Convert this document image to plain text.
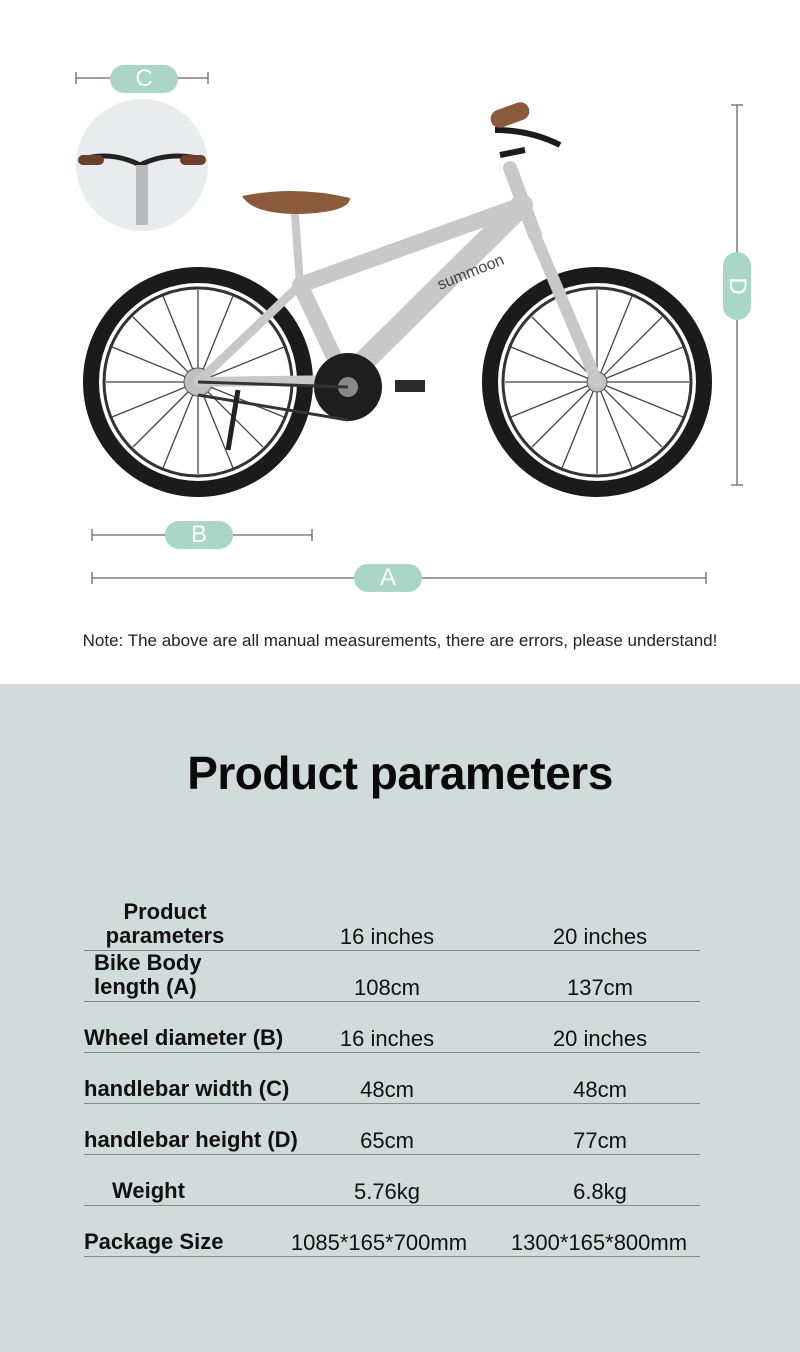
summoon
C
B
A
D
Note: The above are all manual measurements, there are errors, please understand!
Product parameters
Product parameters	16 inches	20 inches
Bike Body length (A)	108cm	137cm
Wheel diameter (B)	16 inches	20 inches
handlebar width (C)	48cm	48cm
handlebar height (D)	65cm	77cm
Weight	5.76kg	6.8kg
Package Size	1085*165*700mm	1300*165*800mm
